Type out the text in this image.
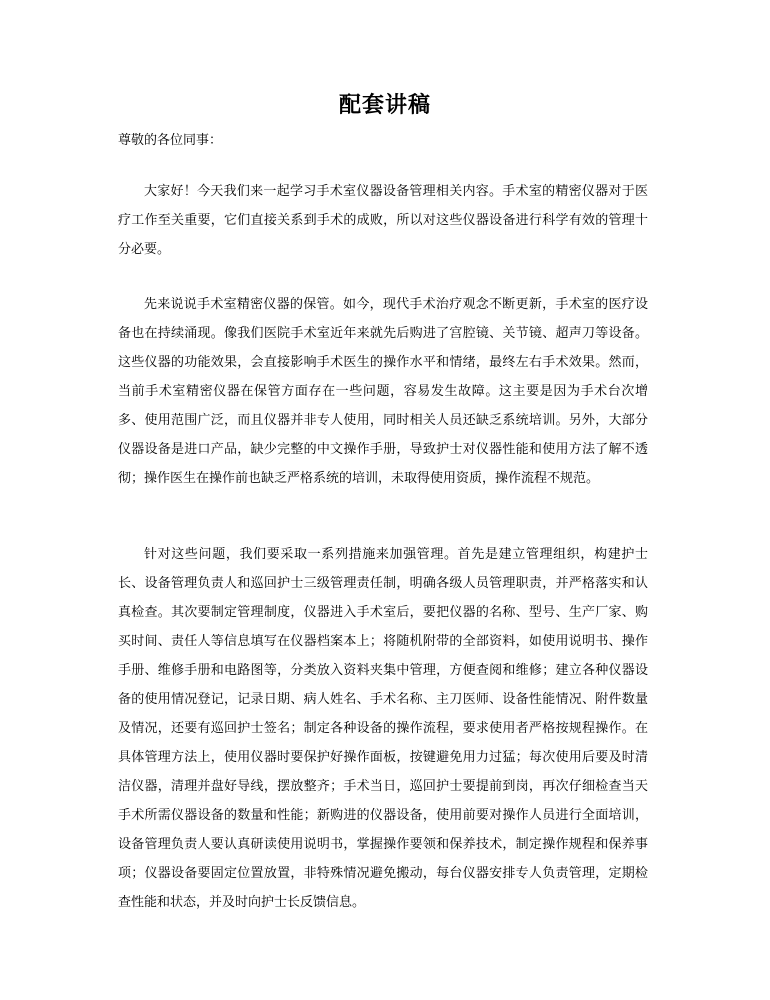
配套讲稿

尊敬的各位同事：

大家好！今天我们来一起学习手术室仪器设备管理相关内容。手术室的精密仪器对于医疗工作至关重要，它们直接关系到手术的成败，所以对这些仪器设备进行科学有效的管理十分必要。

先来说说手术室精密仪器的保管。如今，现代手术治疗观念不断更新，手术室的医疗设备也在持续涌现。像我们医院手术室近年来就先后购进了宫腔镜、关节镜、超声刀等设备。这些仪器的功能效果，会直接影响手术医生的操作水平和情绪，最终左右手术效果。然而，当前手术室精密仪器在保管方面存在一些问题，容易发生故障。这主要是因为手术台次增多、使用范围广泛，而且仪器并非专人使用，同时相关人员还缺乏系统培训。另外，大部分仪器设备是进口产品，缺少完整的中文操作手册，导致护士对仪器性能和使用方法了解不透彻；操作医生在操作前也缺乏严格系统的培训，未取得使用资质，操作流程不规范。

针对这些问题，我们要采取一系列措施来加强管理。首先是建立管理组织，构建护士长、设备管理负责人和巡回护士三级管理责任制，明确各级人员管理职责，并严格落实和认真检查。其次要制定管理制度，仪器进入手术室后，要把仪器的名称、型号、生产厂家、购买时间、责任人等信息填写在仪器档案本上；将随机附带的全部资料，如使用说明书、操作手册、维修手册和电路图等，分类放入资料夹集中管理，方便查阅和维修；建立各种仪器设备的使用情况登记，记录日期、病人姓名、手术名称、主刀医师、设备性能情况、附件数量及情况，还要有巡回护士签名；制定各种设备的操作流程，要求使用者严格按规程操作。在具体管理方法上，使用仪器时要保护好操作面板，按键避免用力过猛；每次使用后要及时清洁仪器，清理并盘好导线，摆放整齐；手术当日，巡回护士要提前到岗，再次仔细检查当天手术所需仪器设备的数量和性能；新购进的仪器设备，使用前要对操作人员进行全面培训，设备管理负责人要认真研读使用说明书，掌握操作要领和保养技术，制定操作规程和保养事项；仪器设备要固定位置放置，非特殊情况避免搬动，每台仪器安排专人负责管理，定期检查性能和状态，并及时向护士长反馈信息。
